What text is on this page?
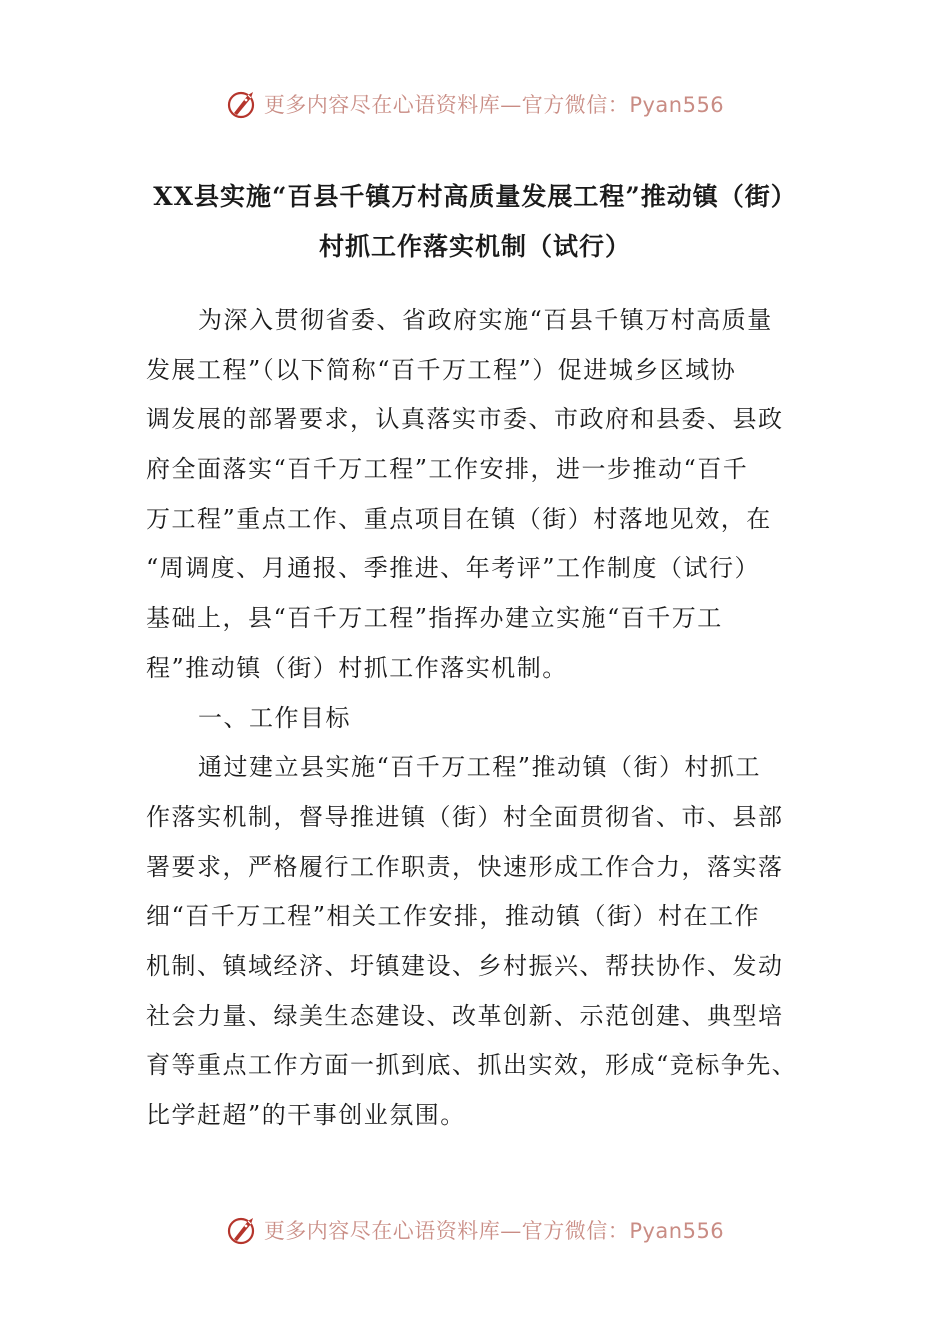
更多内容尽在心语资料库—官方微信：Pyan556
XX县实施“百县千镇万村高质量发展工程”推动镇（街）
村抓工作落实机制（试行）
为深入贯彻省委、省政府实施“百县千镇万村高质量
发展工程”（以下简称“百千万工程”）促进城乡区域协
调发展的部署要求，认真落实市委、市政府和县委、县政
府全面落实“百千万工程”工作安排，进一步推动“百千
万工程”重点工作、重点项目在镇（街）村落地见效，在
“周调度、月通报、季推进、年考评”工作制度（试行）
基础上，县“百千万工程”指挥办建立实施“百千万工
程”推动镇（街）村抓工作落实机制。
一、工作目标
通过建立县实施“百千万工程”推动镇（街）村抓工
作落实机制，督导推进镇（街）村全面贯彻省、市、县部
署要求，严格履行工作职责，快速形成工作合力，落实落
细“百千万工程”相关工作安排，推动镇（街）村在工作
机制、镇域经济、圩镇建设、乡村振兴、帮扶协作、发动
社会力量、绿美生态建设、改革创新、示范创建、典型培
育等重点工作方面一抓到底、抓出实效，形成“竞标争先、
比学赶超”的干事创业氛围。
更多内容尽在心语资料库—官方微信：Pyan556
